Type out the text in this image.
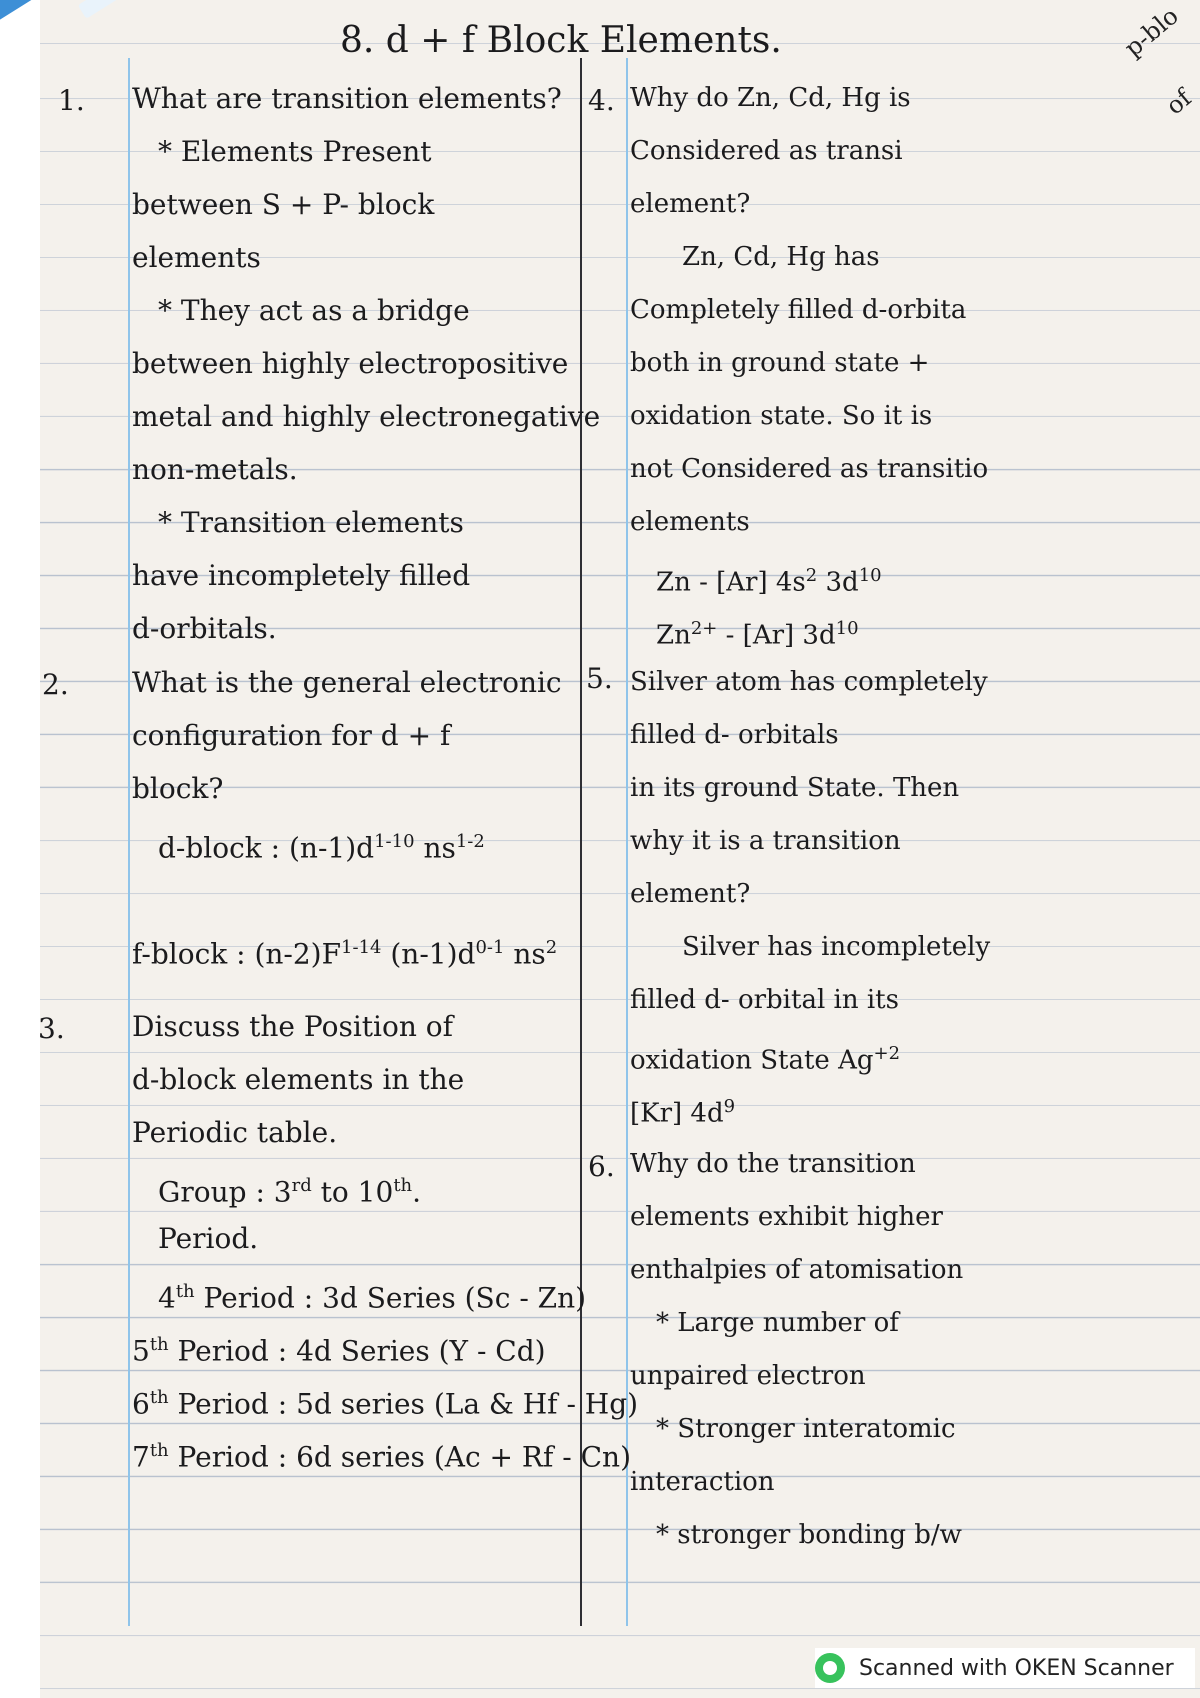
8. d + f Block Elements.	p-blo
of
1.
2.
3.
4.
5.
6.
What are transition elements?
* Elements Present
between S + P- block
elements
* They act as a bridge
between highly electropositive
metal and highly electronegative
non-metals.
* Transition elements
have incompletely filled
d-orbitals.
What is the general electronic
configuration for d + f
block?
d-block : $(n-1)d^{1-10}$ $ns^{1-2}$
f-block : $(n-2)F^{1-14}$ $(n-1)d^{0-1}$ $ns^2$
Discuss the Position of
d-block elements in the
Periodic table.
Group : 3rd to 10th.
Period.
4th Period : 3d Series (Sc - Zn)
5th Period : 4d Series (Y - Cd)
6th Period : 5d series (La & Hf - Hg)
7th Period : 6d series (Ac + Rf - Cn)
Why do Zn, Cd, Hg is
Considered as transi
element?
Zn, Cd, Hg has
Completely filled d-orbita
both in ground state +
oxidation state. So it is
not Considered as transitio
elements
Zn - [Ar] $4s^2$ $3d^{10}$
$Zn^{2+} - [Ar]$ $3d^{10}$
Silver atom has completely
filled d- orbitals
in its ground State. Then
why it is a transition
element?
Silver has incompletely
filled d- orbital in its
oxidation State $Ag^{+2}$
[Kr] $4d^9$
Why do the transition
elements exhibit higher
enthalpies of atomisation
* Large number of
unpaired electron
* Stronger interatomic
interaction
* stronger bonding b/w
Scanned with OKEN Scanner
